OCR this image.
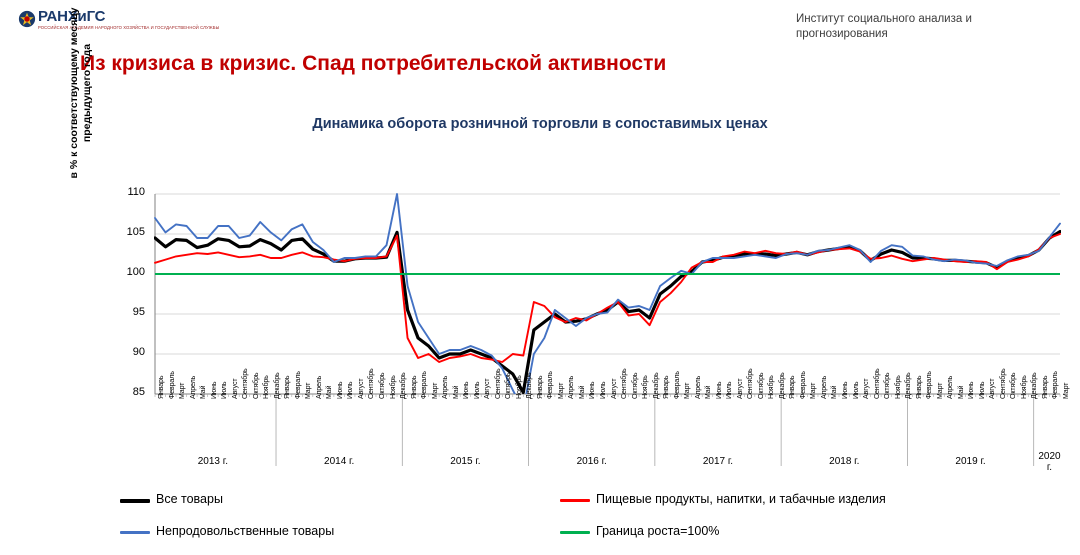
РАНХиГС
РОССИЙСКАЯ АКАДЕМИЯ НАРОДНОГО ХОЗЯЙСТВА И ГОСУДАРСТВЕННОЙ СЛУЖБЫ
Институт социального анализа и прогнозирования
Из кризиса в кризис. Спад потребительской активности
Динамика оборота розничной торговли в сопоставимых ценах
в % к соответствующему месяцу предыдущего года
Январь Февраль Март Апрель Май Июнь Июль Август Сентябрь Октябрь Ноябрь Декабрь
2013 г.
Январь Февраль Март Апрель Май Июнь Июль Август Сентябрь Октябрь Ноябрь Декабрь
2014 г.
Январь Февраль Март Апрель Май Июнь Июль Август Сентябрь Октябрь Ноябрь Декабрь
2015 г.
Январь Февраль Март Апрель Май Июнь Июль Август Сентябрь Октябрь Ноябрь Декабрь
2016 г.
Январь Февраль Март Апрель Май Июнь Июль Август Сентябрь Октябрь Ноябрь Декабрь
2017 г.
Январь Февраль Март Апрель Май Июнь Июль Август Сентябрь Октябрь Ноябрь Декабрь
2018 г.
Январь Февраль Март Апрель Май Июнь Июль Август Сентябрь Октябрь Ноябрь Декабрь
2019 г.
Январь Февраль Март
2020
г.
85
90
95
100
105
110
Все товары	Пищевые продукты, напитки, и табачные изделия
Непродовольственные товары	Граница роста=100%
